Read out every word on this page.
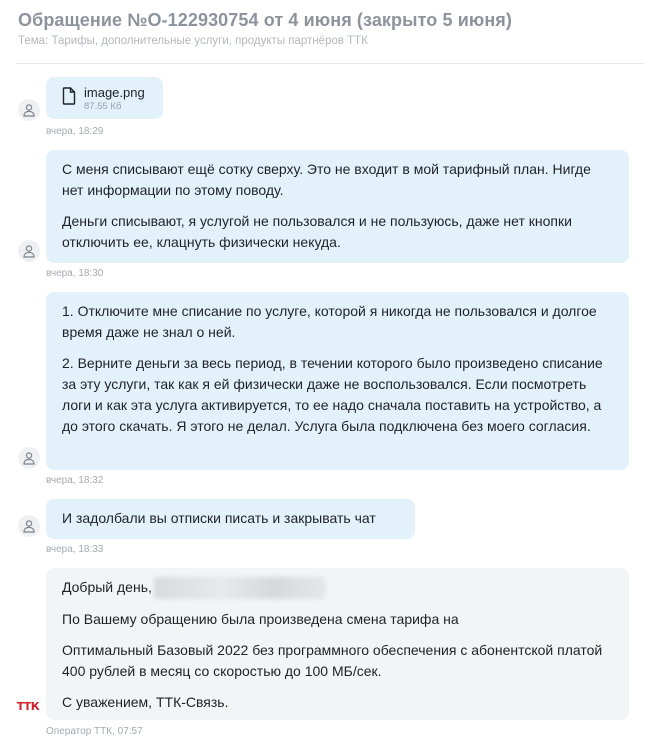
Обращение №O-122930754 от 4 июня (закрыто 5 июня)
Тема: Тарифы, дополнительные услуги, продукты партнёров ТТК
image.png
87.55 Кб
вчера, 18:29

С меня списывают ещё сотку сверху. Это не входит в мой тарифный план. Нигде нет информации по этому поводу.

Деньги списывают, я услугой не пользовался и не пользуюсь, даже нет кнопки отключить ее, клацнуть физически некуда.

вчера, 18:30

1. Отключите мне списание по услуге, которой я никогда не пользовался и долгое время даже не знал о ней.

2. Верните деньги за весь период, в течении которого было произведено списание за эту услуги, так как я ей физически даже не воспользовался. Если посмотреть логи и как эта услуга активируется, то ее надо сначала поставить на устройство, а до этого скачать. Я этого не делал. Услуга была подключена без моего согласия.

вчера, 18:32

И задолбали вы отписки писать и закрывать чат

вчера, 18:33

Добрый день,

По Вашему обращению была произведена смена тарифа на

Оптимальный Базовый 2022 без программного обеспечения с абонентской платой 400 рублей в месяц со скоростью до 100 МБ/сек.

С уважением, ТТК-Связь.

ТТК
Оператор ТТК, 07:57
